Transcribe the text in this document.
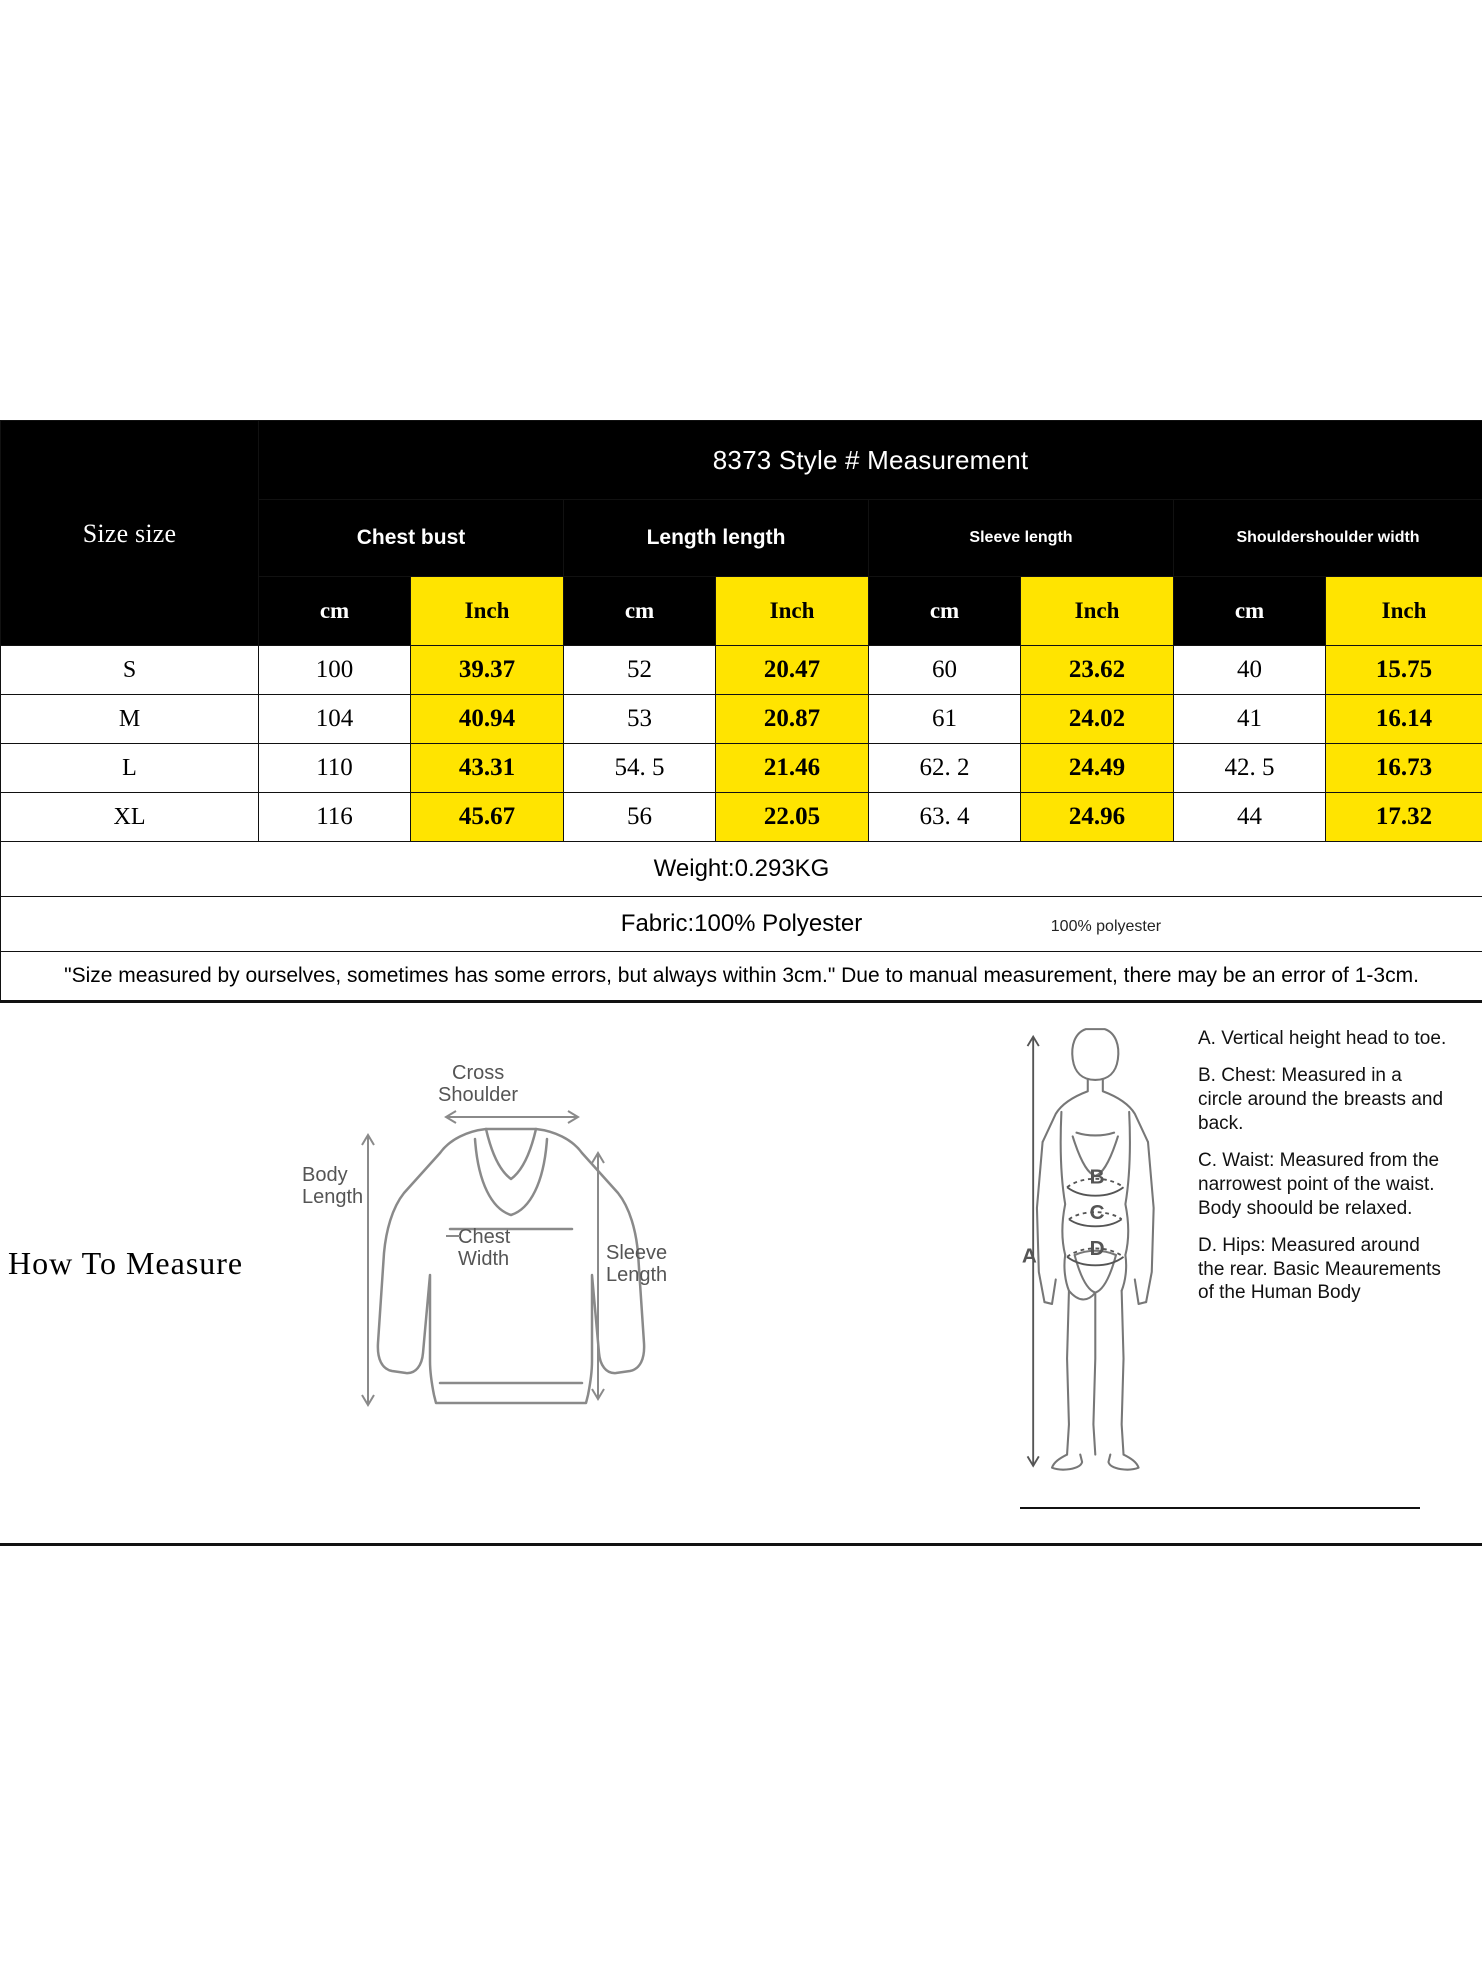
Size size	8373 Style # Measurement							
	Chest bust		Length length		Sleeve length		Shouldershoulder width	
	cm	Inch	cm	Inch	cm	Inch	cm	Inch
S	100	39.37	52	20.47	60	23.62	40	15.75
M	104	40.94	53	20.87	61	24.02	41	16.14
L	110	43.31	54. 5	21.46	62. 2	24.49	42. 5	16.73
XL	116	45.67	56	22.05	63. 4	24.96	44	17.32
Weight:0.293KG								
Fabric:100% Polyester 100% polyester								

"Size measured by ourselves, sometimes has some errors, but always within 3cm." Due to manual measurement, there may be an error of 1-3cm.								
How To Measure
Cross
Shoulder
Body
Length
Chest
Width	Sleeve
Length
A
B
C
D

A. Vertical height head to toe.

B. Chest: Measured in a circle around the breasts and back.

C. Waist: Measured from the narrowest point of the waist. Body shoould be relaxed.

D. Hips: Measured around the rear. Basic Meaurements of the Human Body
